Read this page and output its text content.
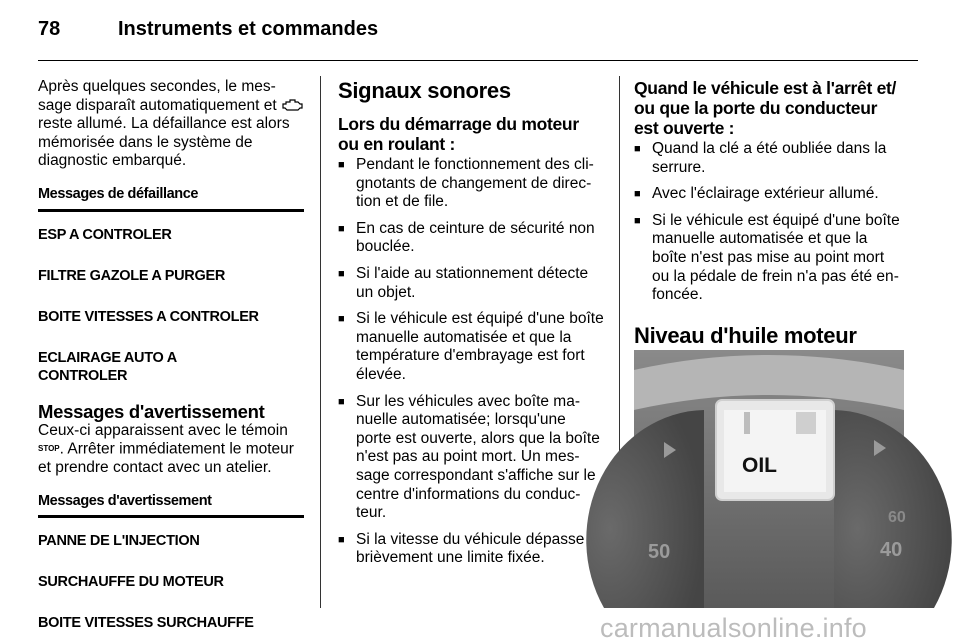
78	Instruments et commandes

Après quelques secondes, le message disparaît automatiquement et  reste allumé. La défaillance est alors mémorisée dans le système de diagnostic embarqué.

Messages de défaillance

ESP A CONTROLER

FILTRE GAZOLE A PURGER

BOITE VITESSES A CONTROLER

ECLAIRAGE AUTO A CONTROLER

Messages d'avertissement

Ceux-ci apparaissent avec le témoin STOP. Arrêter immédiatement le moteur et prendre contact avec un atelier.

Messages d'avertissement

PANNE DE L'INJECTION

SURCHAUFFE DU MOTEUR

BOITE VITESSES SURCHAUFFE

Signaux sonores
Lors du démarrage du moteur ou en roulant :
■ Pendant le fonctionnement des clignotants de changement de direction et de file.
■ En cas de ceinture de sécurité non bouclée.
■ Si l'aide au stationnement détecte un objet.
■ Si le véhicule est équipé d'une boîte manuelle automatisée et que la température d'embrayage est fort élevée.
■ Sur les véhicules avec boîte manuelle automatisée; lorsqu'une porte est ouverte, alors que la boîte n'est pas au point mort. Un message correspondant s'affiche sur le centre d'informations du conducteur.
■ Si la vitesse du véhicule dépasse brièvement une limite fixée.
Quand le véhicule est à l'arrêt et/ ou que la porte du conducteur est ouverte :
■ Quand la clé a été oubliée dans la serrure.
■ Avec l'éclairage extérieur allumé.
■ Si le véhicule est équipé d'une boîte manuelle automatisée et que la boîte n'est pas mise au point mort ou la pédale de frein n'a pas été enfoncée.
Niveau d'huile moteur
OIL
50	40
60
carmanualsonline.info
